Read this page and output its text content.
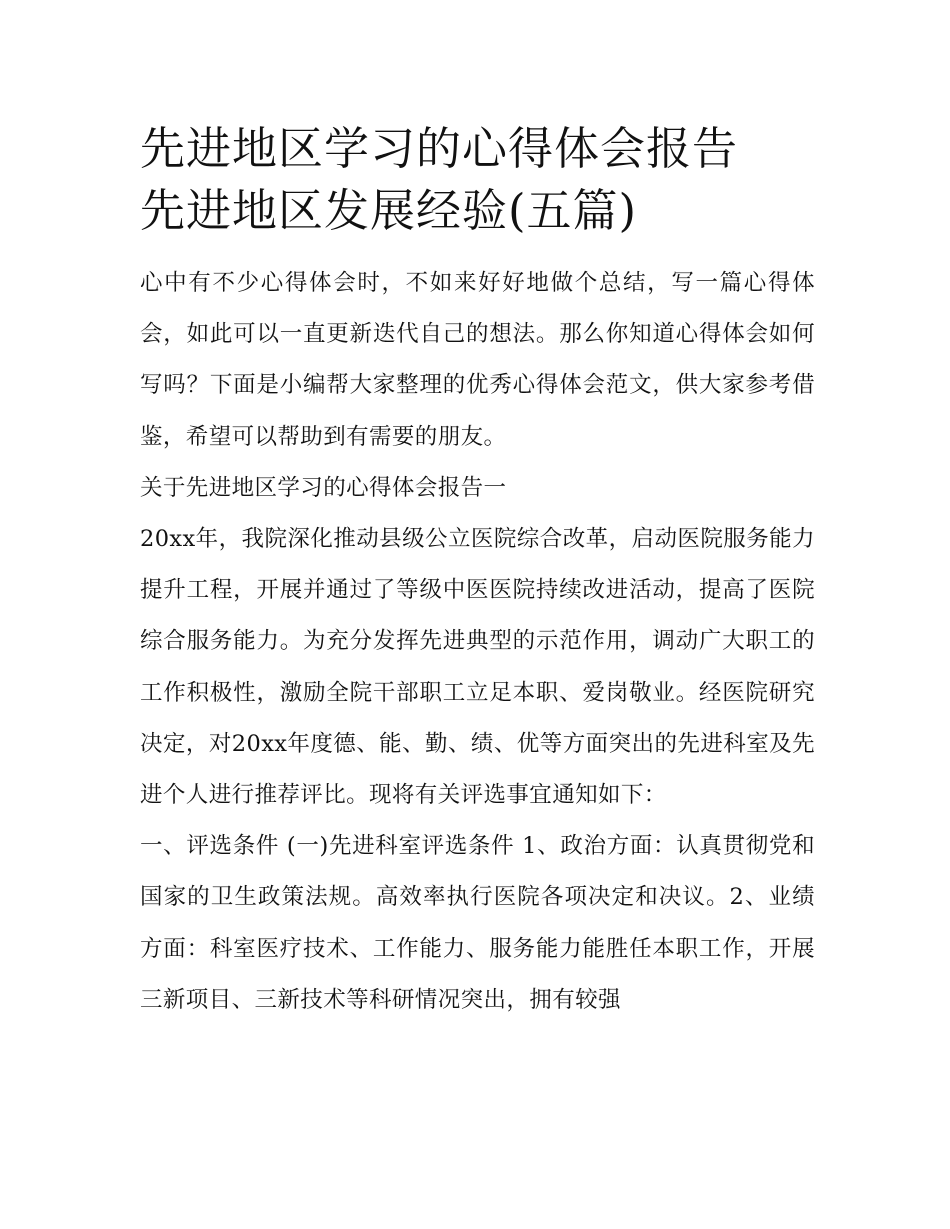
先进地区学习的心得体会报告
先进地区发展经验(五篇)

心中有不少心得体会时，不如来好好地做个总结，写一篇心得体会，如此可以一直更新迭代自己的想法。那么你知道心得体会如何写吗？下面是小编帮大家整理的优秀心得体会范文，供大家参考借鉴，希望可以帮助到有需要的朋友。

关于先进地区学习的心得体会报告一

20xx年，我院深化推动县级公立医院综合改革，启动医院服务能力提升工程，开展并通过了等级中医医院持续改进活动，提高了医院综合服务能力。为充分发挥先进典型的示范作用，调动广大职工的工作积极性，激励全院干部职工立足本职、爱岗敬业。经医院研究决定，对20xx年度德、能、勤、绩、优等方面突出的先进科室及先进个人进行推荐评比。现将有关评选事宜通知如下：

一、评选条件 (一)先进科室评选条件 1、政治方面：认真贯彻党和国家的卫生政策法规。高效率执行医院各项决定和决议。2、业绩方面：科室医疗技术、工作能力、服务能力能胜任本职工作，开展三新项目、三新技术等科研情况突出，拥有较强
